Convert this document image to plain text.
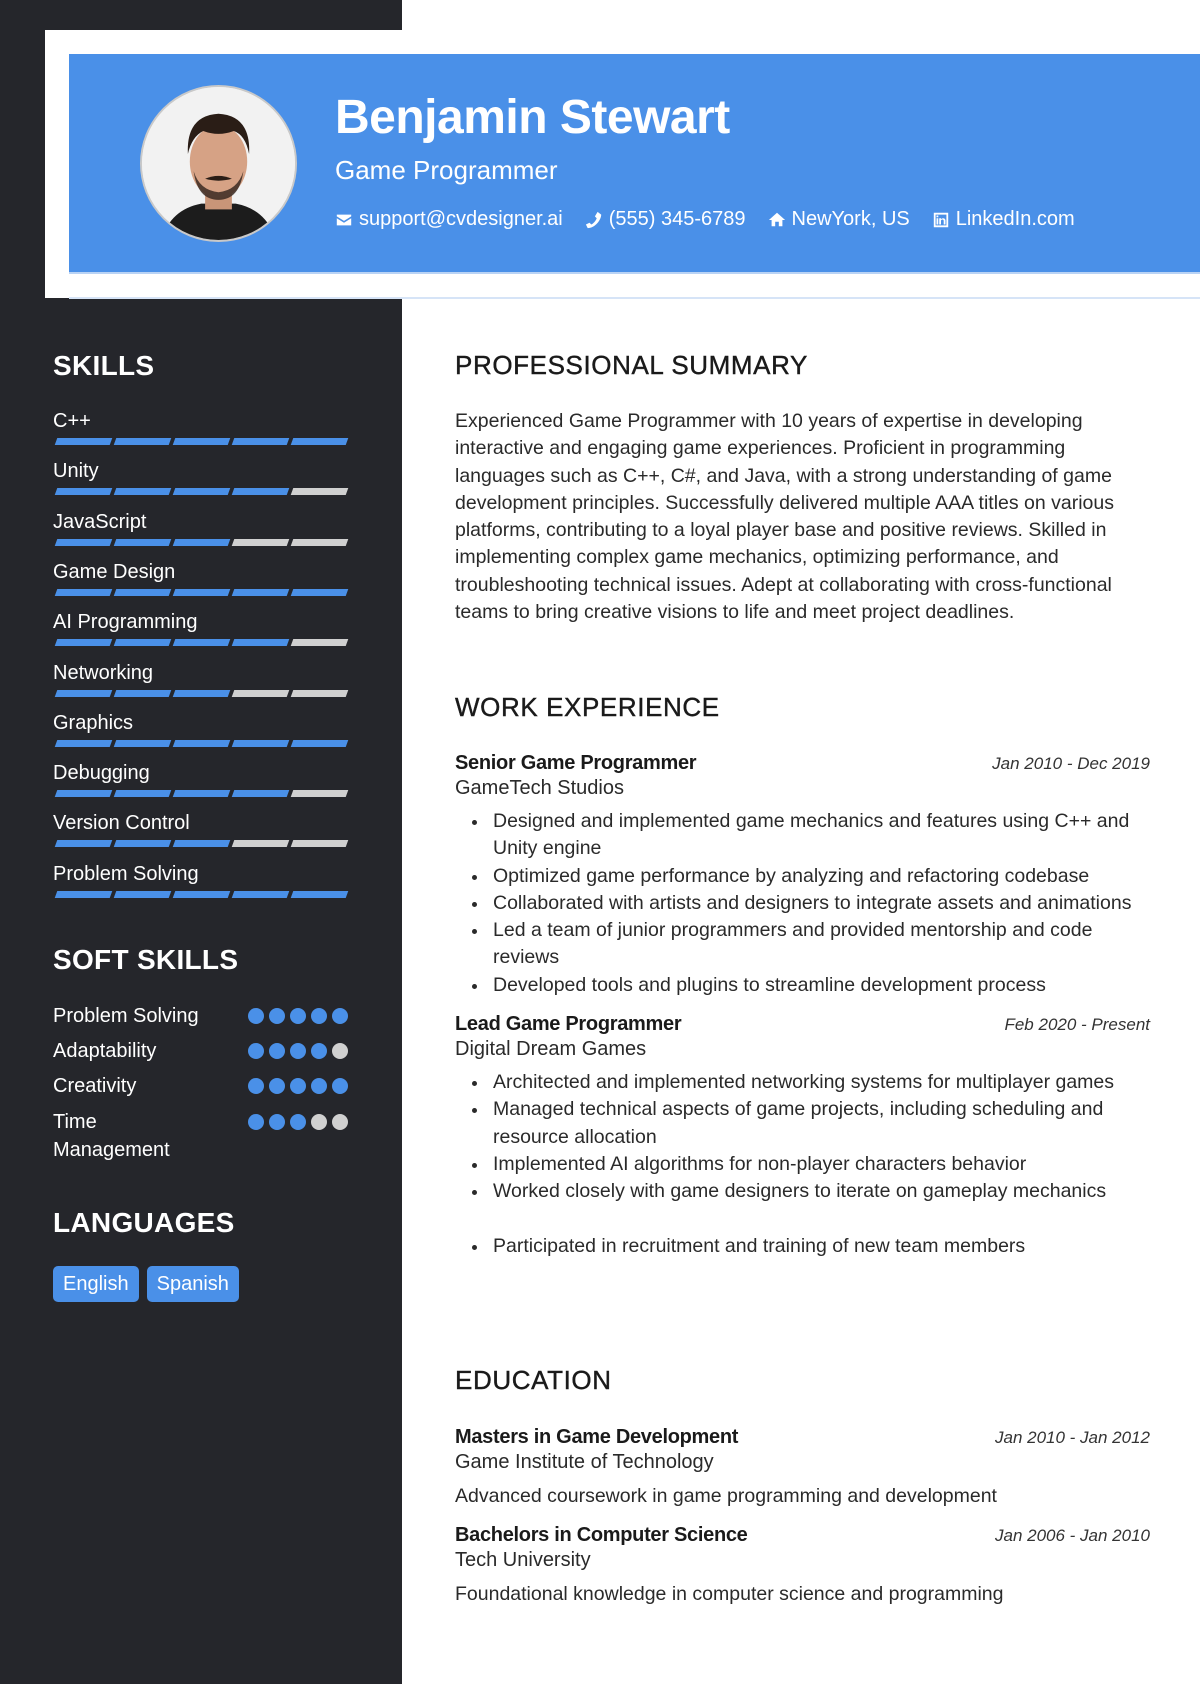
Benjamin Stewart
Game Programmer
support@cvdesigner.ai (555) 345-6789 NewYork, US LinkedIn.com
SKILLS
C++
Unity
JavaScript
Game Design
AI Programming
Networking
Graphics
Debugging
Version Control
Problem Solving
SOFT SKILLS
Problem Solving
Adaptability
Creativity
Time Management
LANGUAGES
English	Spanish
PROFESSIONAL SUMMARY
Experienced Game Programmer with 10 years of expertise in developing interactive and engaging game experiences. Proficient in programming languages such as C++, C#, and Java, with a strong understanding of game development principles. Successfully delivered multiple AAA titles on various platforms, contributing to a loyal player base and positive reviews. Skilled in implementing complex game mechanics, optimizing performance, and troubleshooting technical issues. Adept at collaborating with cross-functional teams to bring creative visions to life and meet project deadlines.
WORK EXPERIENCE
Senior Game Programmer	Jan 2010 - Dec 2019
GameTech Studios
Designed and implemented game mechanics and features using C++ and Unity engine
Optimized game performance by analyzing and refactoring codebase
Collaborated with artists and designers to integrate assets and animations
Led a team of junior programmers and provided mentorship and code reviews
Developed tools and plugins to streamline development process
Lead Game Programmer	Feb 2020 - Present
Digital Dream Games
Architected and implemented networking systems for multiplayer games
Managed technical aspects of game projects, including scheduling and resource allocation
Implemented AI algorithms for non-player characters behavior
Worked closely with game designers to iterate on gameplay mechanics
Participated in recruitment and training of new team members
EDUCATION
Masters in Game Development	Jan 2010 - Jan 2012
Game Institute of Technology
Advanced coursework in game programming and development
Bachelors in Computer Science	Jan 2006 - Jan 2010
Tech University
Foundational knowledge in computer science and programming
